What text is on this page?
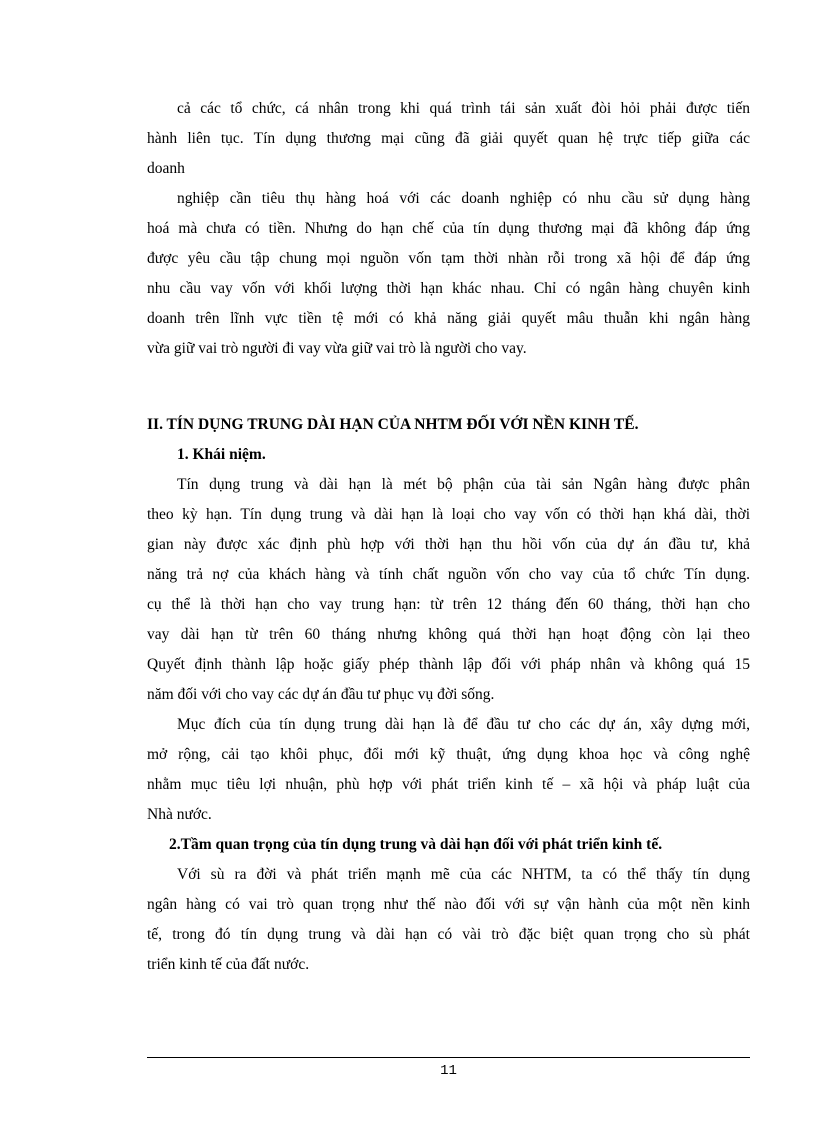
cả các tổ chức, cá nhân trong khi quá trình tái sản xuất đòi hỏi phải được tiến
hành liên tục. Tín dụng thương mại cũng đã giải quyết quan hệ trực tiếp giữa các
doanh
nghiệp cần tiêu thụ hàng hoá với các doanh nghiệp có nhu cầu sử dụng hàng
hoá mà chưa có tiền. Nhưng do hạn chế của tín dụng thương mại đã không đáp ứng
được yêu cầu tập chung mọi nguồn vốn tạm thời nhàn rỗi trong xã hội để đáp ứng
nhu cầu vay vốn với khối lượng thời hạn khác nhau. Chỉ có ngân hàng chuyên kinh
doanh trên lĩnh vực tiền tệ mới có khả năng giải quyết mâu thuẫn khi ngân hàng
vừa giữ vai trò người đi vay vừa giữ vai trò là người cho vay.
II. TÍN DỤNG TRUNG DÀI HẠN CỦA NHTM ĐỐI VỚI NỀN KINH TẾ.
1. Khái niệm.
Tín dụng trung và dài hạn là mét bộ phận của tài sản Ngân hàng được phân
theo kỳ hạn. Tín dụng trung và dài hạn là loại cho vay vốn có thời hạn khá dài, thời
gian này được xác định phù hợp với thời hạn thu hồi vốn của dự án đầu tư, khả
năng trả nợ của khách hàng và tính chất nguồn vốn cho vay của tổ chức Tín dụng.
cụ thể là thời hạn cho vay trung hạn: từ trên 12 tháng đến 60 tháng, thời hạn cho
vay dài hạn từ trên 60 tháng nhưng không quá thời hạn hoạt động còn lại theo
Quyết định thành lập hoặc giấy phép thành lập đối với pháp nhân và không quá 15
năm đối với cho vay các dự án đầu tư phục vụ đời sống.
Mục đích của tín dụng trung dài hạn là để đầu tư cho các dự án, xây dựng mới,
mở rộng, cải tạo khôi phục, đổi mới kỹ thuật, ứng dụng khoa học và công nghệ
nhằm mục tiêu lợi nhuận, phù hợp với phát triển kinh tế – xã hội và pháp luật của
Nhà nước.
2.Tầm quan trọng của tín dụng trung và dài hạn đối với phát triển kinh tế.
Với sù ra đời và phát triển mạnh mẽ của các NHTM, ta có thể thấy tín dụng
ngân hàng có vai trò quan trọng như thế nào đối với sự vận hành của một nền kinh
tế, trong đó tín dụng trung và dài hạn có vài trò đặc biệt quan trọng cho sù phát
triển kinh tế của đất nước.
11
